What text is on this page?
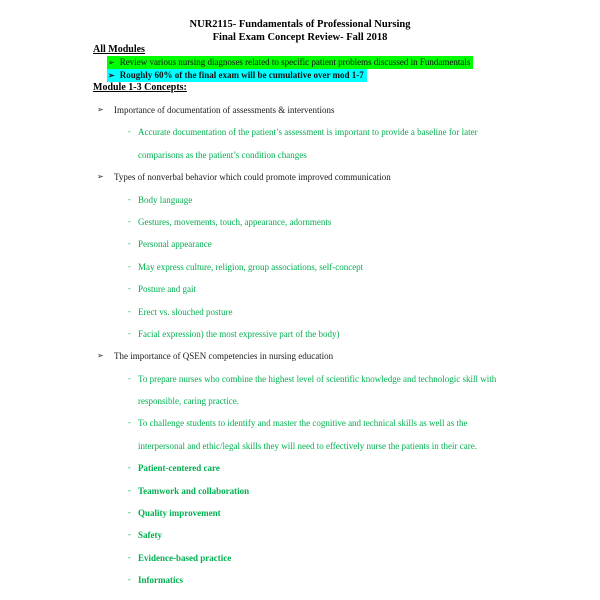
NUR2115- Fundamentals of Professional Nursing
Final Exam Concept Review- Fall 2018
All Modules
➢ Review various nursing diagnoses related to specific patient problems discussed in Fundamentals
➢ Roughly 60% of the final exam will be cumulative over mod 1-7
Module 1-3 Concepts:
➢ Importance of documentation of assessments & interventions
- Accurate documentation of the patient’s assessment is important to provide a baseline for later
comparisons as the patient’s condition changes
➢ Types of nonverbal behavior which could promote improved communication
- Body language
- Gestures, movements, touch, appearance, adornments
- Personal appearance
- May express culture, religion, group associations, self-concept
- Posture and gait
- Erect vs. slouched posture
- Facial expression) the most expressive part of the body)
➢ The importance of QSEN competencies in nursing education
- To prepare nurses who combine the highest level of scientific knowledge and technologic skill with
responsible, caring practice.
- To challenge students to identify and master the cognitive and technical skills as well as the
interpersonal and ethic/legal skills they will need to effectively nurse the patients in their care.
- Patient-centered care
- Teamwork and collaboration
- Quality improvement
- Safety
- Evidence-based practice
- Informatics
